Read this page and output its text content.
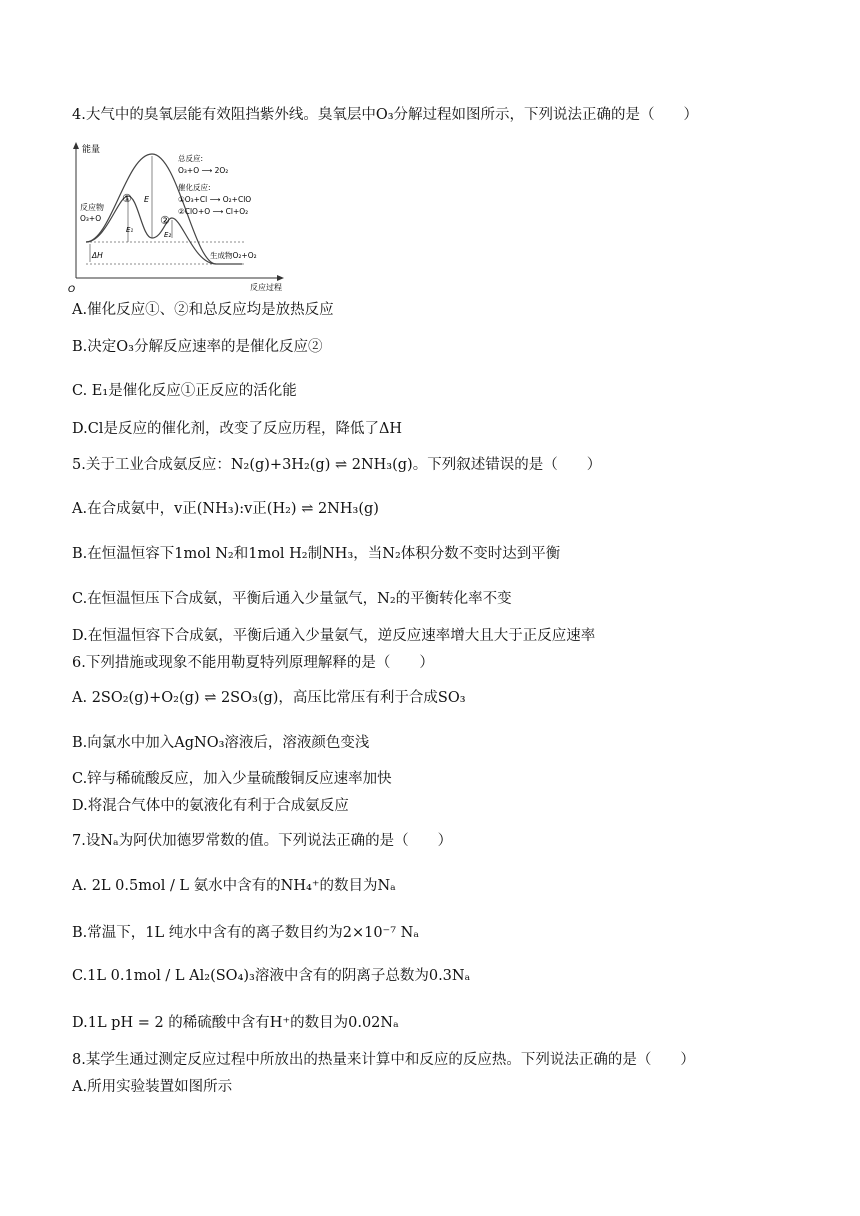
4.大气中的臭氧层能有效阻挡紫外线。臭氧层中O₃分解过程如图所示，下列说法正确的是（　　）
能量
O	反应过程
E
E₁
E₂
①
②
ΔH
反应物
O₃+O
生成物O₂+O₂
总反应:
O₃+O ⟶ 2O₂
催化反应:
①O₃+Cl ⟶ O₂+ClO
②ClO+O ⟶ Cl+O₂
A.催化反应①、②和总反应均是放热反应
B.决定O₃分解反应速率的是催化反应②
C. E₁是催化反应①正反应的活化能
D.Cl是反应的催化剂，改变了反应历程，降低了ΔH
5.关于工业合成氨反应：N₂(g)+3H₂(g) ⇌ 2NH₃(g)。下列叙述错误的是（　　）
A.在合成氨中，v正(NH₃):v正(H₂) ⇌ 2NH₃(g)
B.在恒温恒容下1mol N₂和1mol H₂制NH₃，当N₂体积分数不变时达到平衡
C.在恒温恒压下合成氨，平衡后通入少量氩气，N₂的平衡转化率不变
D.在恒温恒容下合成氨，平衡后通入少量氨气，逆反应速率增大且大于正反应速率
6.下列措施或现象不能用勒夏特列原理解释的是（　　）
A. 2SO₂(g)+O₂(g) ⇌ 2SO₃(g)，高压比常压有利于合成SO₃
B.向氯水中加入AgNO₃溶液后，溶液颜色变浅
C.锌与稀硫酸反应，加入少量硫酸铜反应速率加快
D.将混合气体中的氨液化有利于合成氨反应
7.设Nₐ为阿伏加德罗常数的值。下列说法正确的是（　　）
A. 2L 0.5mol / L 氨水中含有的NH₄⁺的数目为Nₐ
B.常温下，1L 纯水中含有的离子数目约为2×10⁻⁷ Nₐ
C.1L 0.1mol / L Al₂(SO₄)₃溶液中含有的阴离子总数为0.3Nₐ
D.1L pH = 2 的稀硫酸中含有H⁺的数目为0.02Nₐ
8.某学生通过测定反应过程中所放出的热量来计算中和反应的反应热。下列说法正确的是（　　）
A.所用实验装置如图所示
